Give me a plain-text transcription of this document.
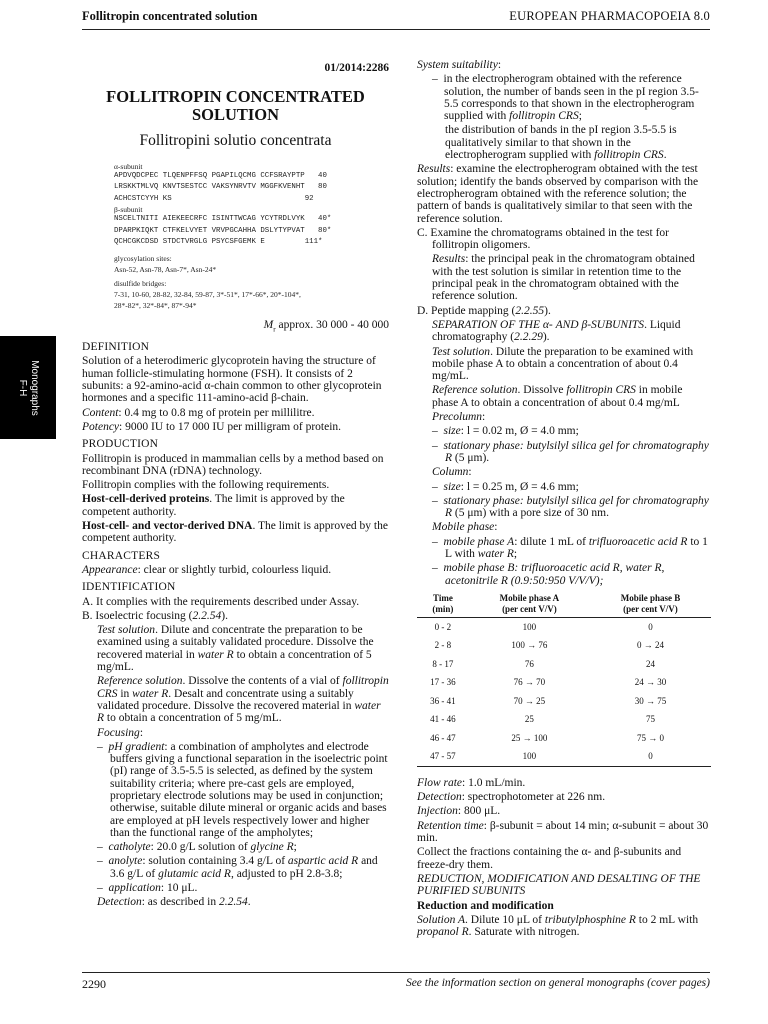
Follitropin concentrated solution	EUROPEAN PHARMACOPOEIA 8.0
Monographs
F-H
01/2014:2286
FOLLITROPIN CONCENTRATED
SOLUTION
Follitropini solutio concentrata
α-subunit
APDVQDCPEC TLQENPFFSQ PGAPILQCMG CCFSRAYPTP   40
LRSKKTMLVQ KNVTSESTCC VAKSYNRVTV MGGFKVENHT   80
ACHCSTCYYH KS                              92
β-subunit
NSCELTNITI AIEKEECRFC ISINTTWCAG YCYTRDLVYK   40*
DPARPKIQKT CTFKELVYET VRVPGCAHHA DSLYTYPVAT   80*
QCHCGKCDSD STDCTVRGLG PSYCSFGEMK E         111*
glycosylation sites:
Asn-52, Asn-78, Asn-7*, Asn-24*
disulfide bridges:
7-31, 10-60, 28-82, 32-84, 59-87, 3*-51*, 17*-66*, 20*-104*,
28*-82*, 32*-84*, 87*-94*
$M_r$ approx. 30 000 - 40 000
DEFINITION

Solution of a heterodimeric glycoprotein having the structure of human follicle-stimulating hormone (FSH). It consists of 2 subunits: a 92-amino-acid α-chain common to other glycoprotein hormones and a specific 111-amino-acid β-chain.

Content: 0.4 mg to 0.8 mg of protein per millilitre.

Potency: 9000 IU to 17 000 IU per milligram of protein.

PRODUCTION

Follitropin is produced in mammalian cells by a method based on recombinant DNA (rDNA) technology.

Follitropin complies with the following requirements.

Host-cell-derived proteins. The limit is approved by the competent authority.

Host-cell- and vector-derived DNA. The limit is approved by the competent authority.

CHARACTERS

Appearance: clear or slightly turbid, colourless liquid.

IDENTIFICATION

A. It complies with the requirements described under Assay.

B. Isoelectric focusing (2.2.54).

Test solution. Dilute and concentrate the preparation to be examined using a suitably validated procedure. Dissolve the recovered material in water R to obtain a concentration of 5 mg/mL.

Reference solution. Dissolve the contents of a vial of follitropin CRS in water R. Desalt and concentrate using a suitably validated procedure. Dissolve the recovered material in water R to obtain a concentration of 5 mg/mL.

Focusing:

–  pH gradient: a combination of ampholytes and electrode buffers giving a functional separation in the isoelectric point (pI) range of 3.5-5.5 is selected, as defined by the system suitability criteria; where pre-cast gels are employed, proprietary electrode solutions may be used in conjunction; otherwise, suitable dilute mineral or organic acids and bases are employed at pH levels respectively lower and higher than the functional range of the ampholytes;

–  catholyte: 20.0 g/L solution of glycine R;

–  anolyte: solution containing 3.4 g/L of aspartic acid R and 3.6 g/L of glutamic acid R, adjusted to pH 2.8-3.8;

–  application: 10 μL.

Detection: as described in 2.2.54.

System suitability:

–  in the electropherogram obtained with the reference solution, the number of bands seen in the pI region 3.5-5.5 corresponds to that shown in the electropherogram supplied with follitropin CRS;

the distribution of bands in the pI region 3.5-5.5 is qualitatively similar to that shown in the electropherogram supplied with follitropin CRS.

Results: examine the electropherogram obtained with the test solution; identify the bands observed by comparison with the electropherogram obtained with the reference solution; the pattern of bands is qualitatively similar to that seen with the reference solution.

C. Examine the chromatograms obtained in the test for follitropin oligomers.

Results: the principal peak in the chromatogram obtained with the test solution is similar in retention time to the principal peak in the chromatogram obtained with the reference solution.

D. Peptide mapping (2.2.55).

SEPARATION OF THE α- AND β-SUBUNITS. Liquid chromatography (2.2.29).

Test solution. Dilute the preparation to be examined with mobile phase A to obtain a concentration of about 0.4 mg/mL.

Reference solution. Dissolve follitropin CRS in mobile phase A to obtain a concentration of about 0.4 mg/mL

Precolumn:

–  size: l = 0.02 m, Ø = 4.0 mm;

–  stationary phase: butylsilyl silica gel for chromatography R (5 μm).

Column:

–  size: l = 0.25 m, Ø = 4.6 mm;

–  stationary phase: butylsilyl silica gel for chromatography R (5 μm) with a pore size of 30 nm.

Mobile phase:

–  mobile phase A: dilute 1 mL of trifluoroacetic acid R to 1 L with water R;

–  mobile phase B: trifluoroacetic acid R, water R, acetonitrile R (0.9:50:950 V/V/V);

Time
(min)	Mobile phase A
(per cent V/V)	Mobile phase B
(per cent V/V)
0 - 2	100	0
2 - 8	100 → 76	0 → 24
8 - 17	76	24
17 - 36	76 → 70	24 → 30
36 - 41	70 → 25	30 → 75
41 - 46	25	75
46 - 47	25 → 100	75 → 0
47 - 57	100	0

Flow rate: 1.0 mL/min.

Detection: spectrophotometer at 226 nm.

Injection: 800 μL.

Retention time: β-subunit = about 14 min; α-subunit = about 30 min.

Collect the fractions containing the α- and β-subunits and freeze-dry them.

REDUCTION, MODIFICATION AND DESALTING OF THE PURIFIED SUBUNITS

Reduction and modification

Solution A. Dilute 10 μL of tributylphosphine R to 2 mL with propanol R. Saturate with nitrogen.

2290	See the information section on general monographs (cover pages)
